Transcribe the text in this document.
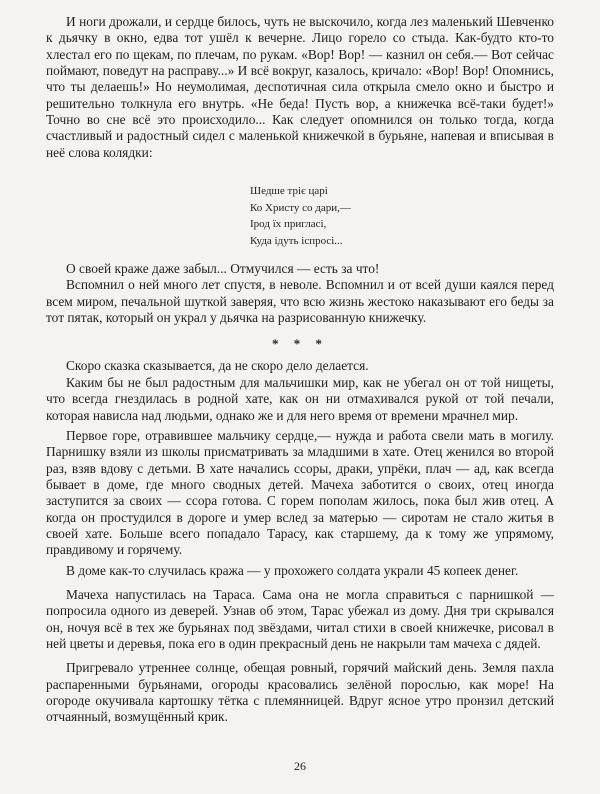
И ноги дрожали, и сердце билось, чуть не выскочило, когда лез маленький Шевченко к дьячку в окно, едва тот ушёл к вечерне. Лицо горело со стыда. Как-будто кто-то хлестал его по щекам, по плечам, по рукам. «Вор! Вор! — казнил он себя.— Вот сейчас поймают, поведут на расправу...» И всё вокруг, казалось, кричало: «Вор! Вор! Опомнись, что ты делаешь!» Но неумолимая, деспотичная сила открыла смело окно и быстро и решительно толкнула его внутрь. «Не беда! Пусть вор, а книжечка всё-таки будет!» Точно во сне всё это происходило... Как следует опомнился он только тогда, когда счастливый и радостный сидел с маленькой книжечкой в бурьяне, напевая и вписывая в неё слова колядки:

Шедше тріє царі
Ко Христу со дари,—
Ірод їх пригласі,
Куда ідуть іспросі...

О своей краже даже забыл... Отмучился — есть за что!

Вспомнил о ней много лет спустя, в неволе. Вспомнил и от всей души каялся перед всем миром, печальной шуткой заверяя, что всю жизнь жестоко наказывают его беды за тот пятак, который он украл у дьячка на разрисованную книжечку.

* * *

Скоро сказка сказывается, да не скоро дело делается.

Каким бы не был радостным для мальчишки мир, как не убегал он от той нищеты, что всегда гнездилась в родной хате, как он ни отмахивался рукой от той печали, которая нависла над людьми, однако же и для него время от времени мрачнел мир.

Первое горе, отравившее мальчику сердце,— нужда и работа свели мать в могилу. Парнишку взяли из школы присматривать за младшими в хате. Отец женился во второй раз, взяв вдову с детьми. В хате начались ссоры, драки, упрёки, плач — ад, как всегда бывает в доме, где много сводных детей. Мачеха заботится о своих, отец иногда заступится за своих — ссора готова. С горем пополам жилось, пока был жив отец. А когда он простудился в дороге и умер вслед за матерью — сиротам не стало житья в своей хате. Больше всего попадало Тарасу, как старшему, да к тому же упрямому, правдивому и горячему.

В доме как-то случилась кража — у прохожего солдата украли 45 копеек денег.

Мачеха напустилась на Тараса. Сама она не могла справиться с парнишкой — попросила одного из деверей. Узнав об этом, Тарас убежал из дому. Дня три скрывался он, ночуя всё в тех же бурьянах под звёздами, читал стихи в своей книжечке, рисовал в ней цветы и деревья, пока его в один прекрасный день не накрыли там мачеха с дядей.

Пригревало утреннее солнце, обещая ровный, горячий майский день. Земля пахла распаренными бурьянами, огороды красовались зелёной порослью, как море! На огороде окучивала картошку тётка с племянницей. Вдруг ясное утро пронзил детский отчаянный, возмущённый крик.

26
